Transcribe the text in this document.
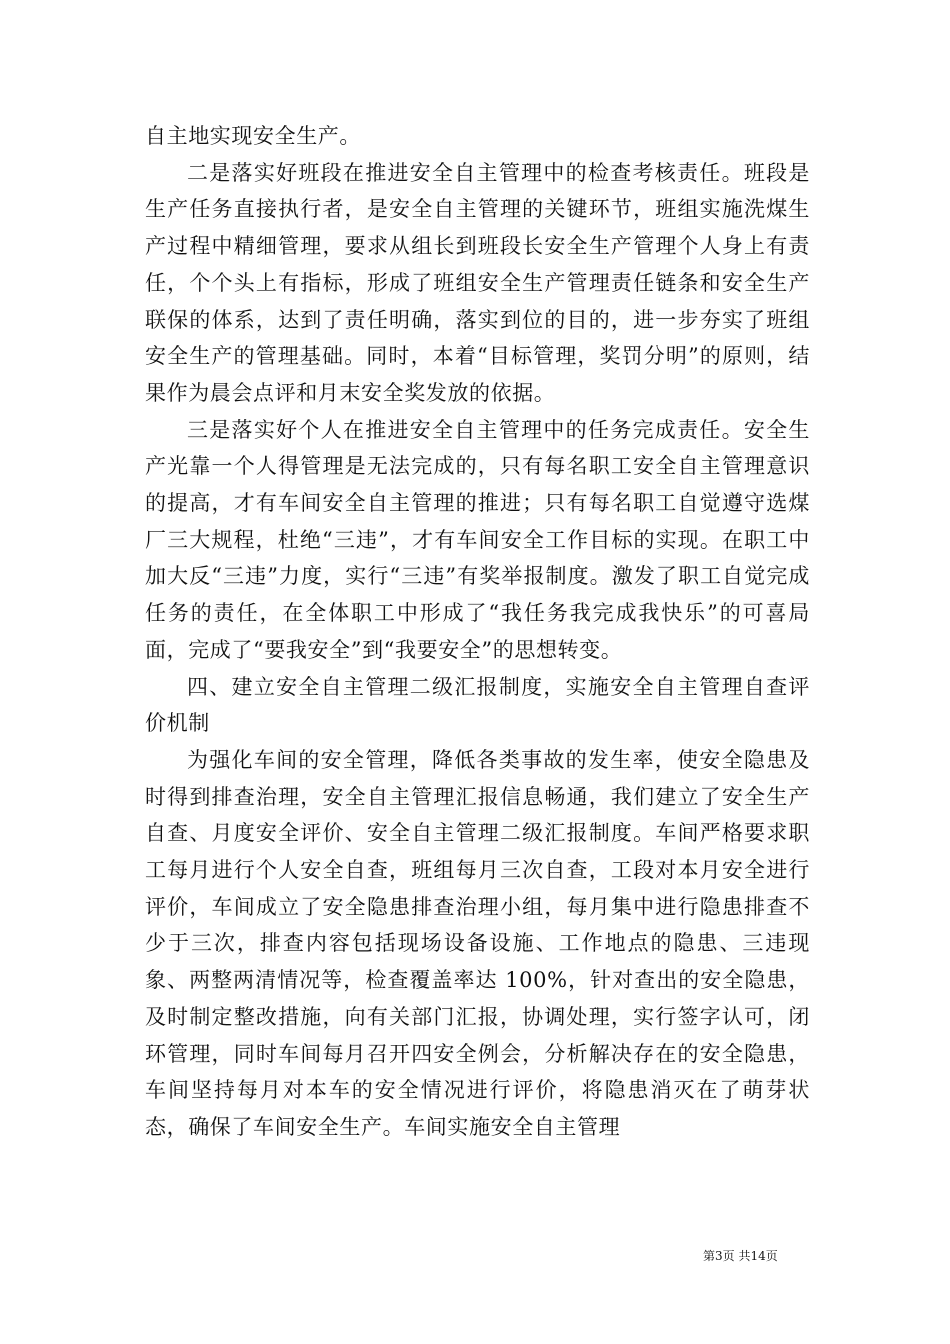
自主地实现安全生产。

二是落实好班段在推进安全自主管理中的检查考核责任。班段是生产任务直接执行者，是安全自主管理的关键环节，班组实施洗煤生产过程中精细管理，要求从组长到班段长安全生产管理个人身上有责任，个个头上有指标，形成了班组安全生产管理责任链条和安全生产联保的体系，达到了责任明确，落实到位的目的，进一步夯实了班组安全生产的管理基础。同时，本着“目标管理，奖罚分明”的原则，结果作为晨会点评和月末安全奖发放的依据。

三是落实好个人在推进安全自主管理中的任务完成责任。安全生产光靠一个人得管理是无法完成的，只有每名职工安全自主管理意识的提高，才有车间安全自主管理的推进；只有每名职工自觉遵守选煤厂三大规程，杜绝“三违”，才有车间安全工作目标的实现。在职工中加大反“三违”力度，实行“三违”有奖举报制度。激发了职工自觉完成任务的责任，在全体职工中形成了“我任务我完成我快乐”的可喜局面，完成了“要我安全”到“我要安全”的思想转变。

四、建立安全自主管理二级汇报制度，实施安全自主管理自查评价机制

为强化车间的安全管理，降低各类事故的发生率，使安全隐患及时得到排查治理，安全自主管理汇报信息畅通，我们建立了安全生产自查、月度安全评价、安全自主管理二级汇报制度。车间严格要求职工每月进行个人安全自查，班组每月三次自查，工段对本月安全进行评价，车间成立了安全隐患排查治理小组，每月集中进行隐患排查不少于三次，排查内容包括现场设备设施、工作地点的隐患、三违现象、两整两清情况等，检查覆盖率达 100%，针对查出的安全隐患，及时制定整改措施，向有关部门汇报，协调处理，实行签字认可，闭环管理，同时车间每月召开四安全例会，分析解决存在的安全隐患，车间坚持每月对本车的安全情况进行评价，将隐患消灭在了萌芽状态，确保了车间安全生产。车间实施安全自主管理

第3页 共14页
